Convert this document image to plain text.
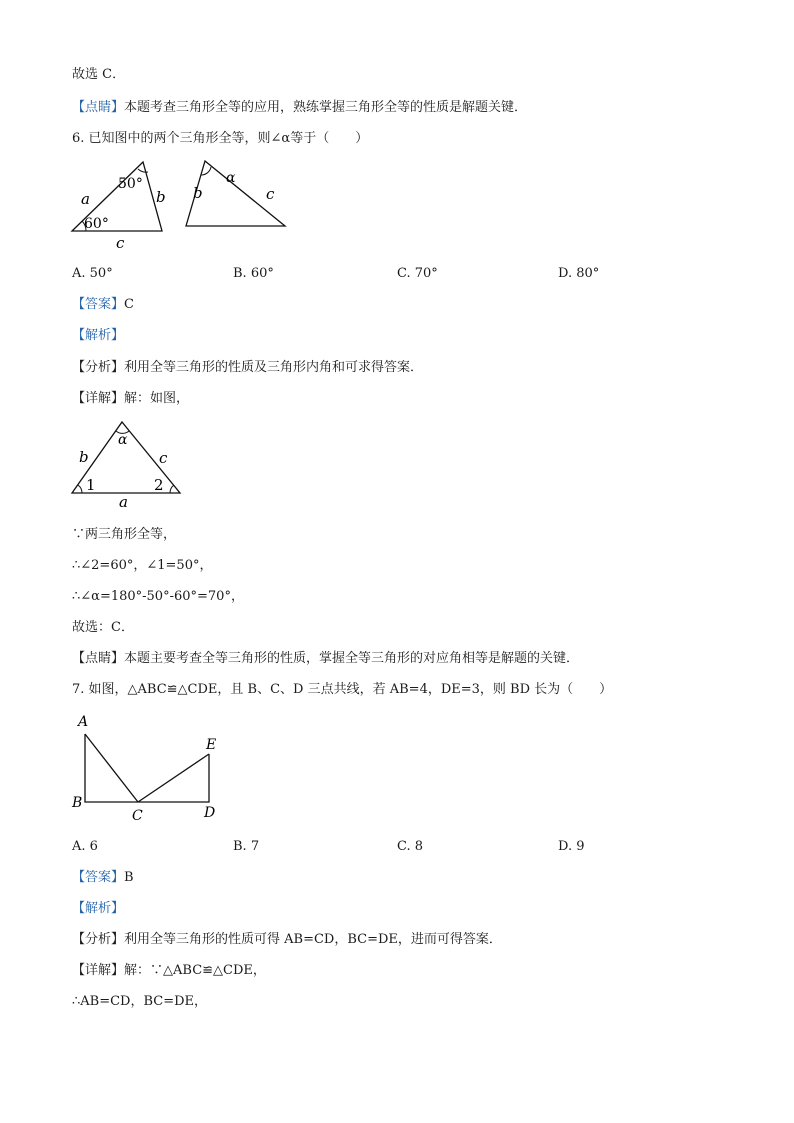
故选 C．
【点睛】本题考查三角形全等的应用，熟练掌握三角形全等的性质是解题关键．
6. 已知图中的两个三角形全等，则∠α等于（　　）
a	b
c
50°
60°
α
b	c
A. 50°	B. 60°	C. 70°	D. 80°
【答案】C
【解析】
【分析】利用全等三角形的性质及三角形内角和可求得答案．
【详解】解：如图，
α
b	c
a
1	2
∵两三角形全等，
∴∠2=60°，∠1=50°，
∴∠α=180°-50°-60°=70°，
故选：C．
【点睛】本题主要考查全等三角形的性质，掌握全等三角形的对应角相等是解题的关键．
7. 如图，△ABC≌△CDE，且 B、C、D 三点共线，若 AB=4，DE=3，则 BD 长为（　　）
A
B
C	D
E
A. 6	B. 7	C. 8	D. 9
【答案】B
【解析】
【分析】利用全等三角形的性质可得 AB=CD，BC=DE，进而可得答案．
【详解】解：∵△ABC≌△CDE，
∴AB=CD，BC=DE，
